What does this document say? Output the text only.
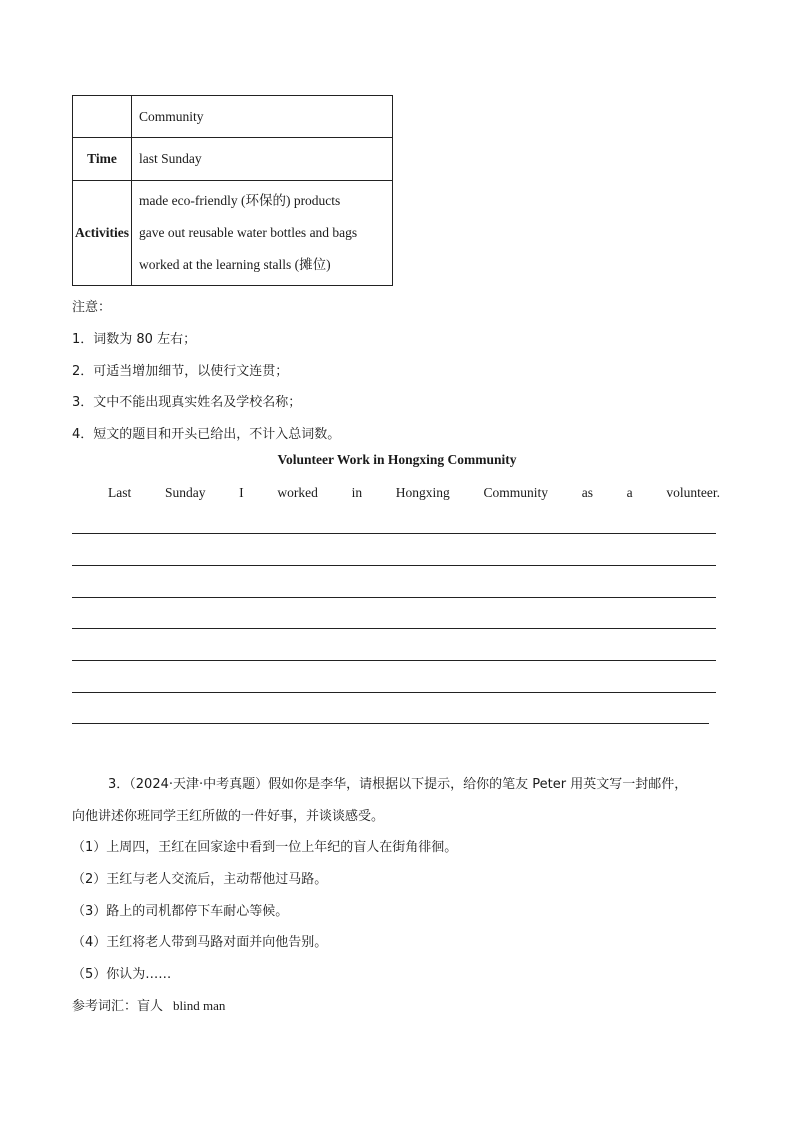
	Community
Time	last Sunday
Activities	made eco-friendly (环保的) products
gave out reusable water bottles and bags
worked at the learning stalls (摊位)
注意：
1．词数为 80 左右；
2．可适当增加细节，以使行文连贯；
3．文中不能出现真实姓名及学校名称；
4．短文的题目和开头已给出，不计入总词数。
Volunteer Work in Hongxing Community
Last Sunday I worked in Hongxing Community as a volunteer.
3．（2024·天津·中考真题）假如你是李华，请根据以下提示，给你的笔友 Peter 用英文写一封邮件，
向他讲述你班同学王红所做的一件好事，并谈谈感受。
（1）上周四，王红在回家途中看到一位上年纪的盲人在街角徘徊。
（2）王红与老人交流后，主动帮他过马路。
（3）路上的司机都停下车耐心等候。
（4）王红将老人带到马路对面并向他告别。
（5）你认为……
参考词汇：盲人 blind man
